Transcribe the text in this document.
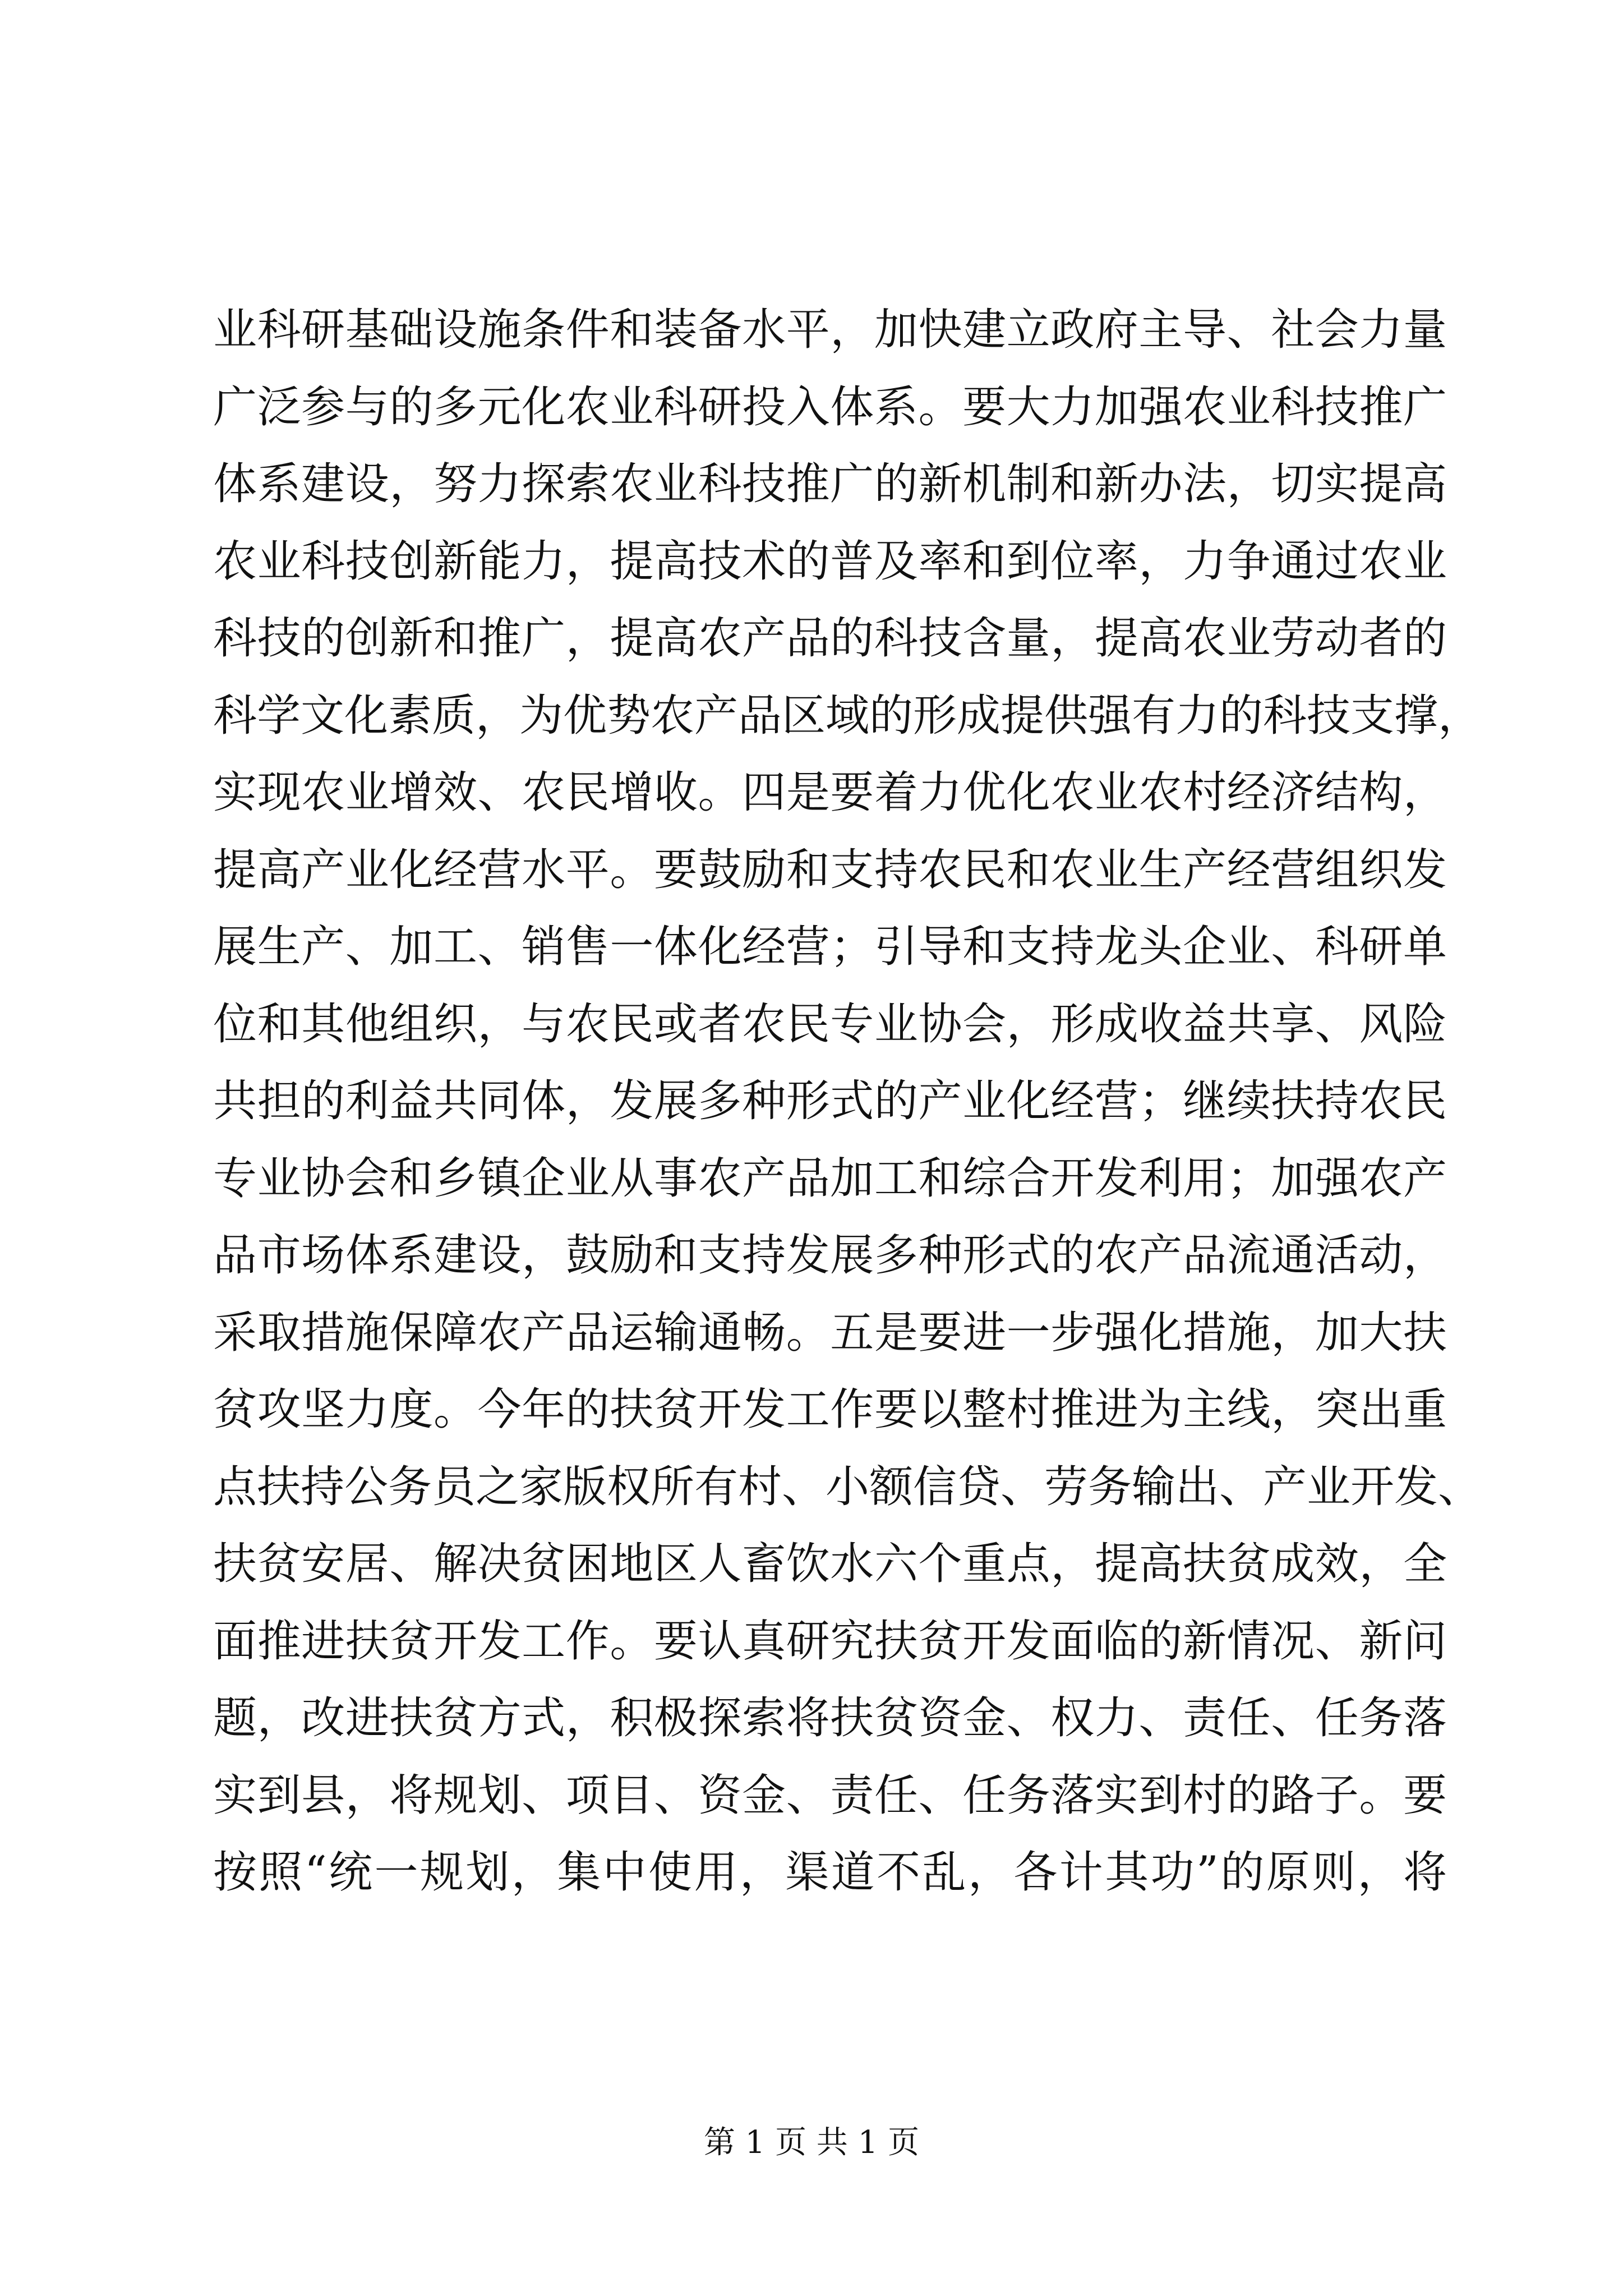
业科研基础设施条件和装备水平，加快建立政府主导、社会力量
广泛参与的多元化农业科研投入体系。要大力加强农业科技推广
体系建设，努力探索农业科技推广的新机制和新办法，切实提高
农业科技创新能力，提高技术的普及率和到位率，力争通过农业
科技的创新和推广，提高农产品的科技含量，提高农业劳动者的
科学文化素质，为优势农产品区域的形成提供强有力的科技支撑，
实现农业增效、农民增收。四是要着力优化农业农村经济结构，
提高产业化经营水平。要鼓励和支持农民和农业生产经营组织发
展生产、加工、销售一体化经营；引导和支持龙头企业、科研单
位和其他组织，与农民或者农民专业协会，形成收益共享、风险
共担的利益共同体，发展多种形式的产业化经营；继续扶持农民
专业协会和乡镇企业从事农产品加工和综合开发利用；加强农产
品市场体系建设，鼓励和支持发展多种形式的农产品流通活动，
采取措施保障农产品运输通畅。五是要进一步强化措施，加大扶
贫攻坚力度。今年的扶贫开发工作要以整村推进为主线，突出重
点扶持公务员之家版权所有村、小额信贷、劳务输出、产业开发、
扶贫安居、解决贫困地区人畜饮水六个重点，提高扶贫成效，全
面推进扶贫开发工作。要认真研究扶贫开发面临的新情况、新问
题，改进扶贫方式，积极探索将扶贫资金、权力、责任、任务落
实到县，将规划、项目、资金、责任、任务落实到村的路子。要
按照“统一规划，集中使用，渠道不乱，各计其功”的原则，将
第 1 页 共 1 页
